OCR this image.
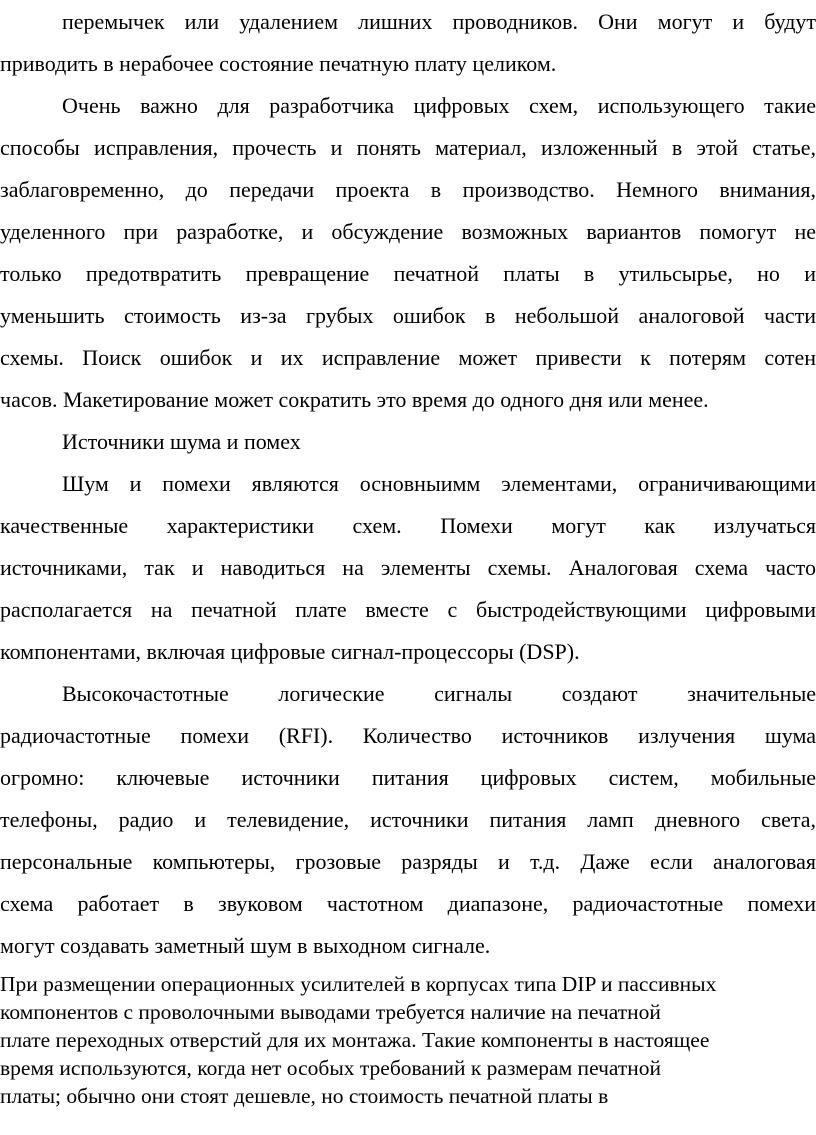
перемычек или удалением лишних проводников. Они могут и будут
приводить в нерабочее состояние печатную плату целиком.
Очень важно для разработчика цифровых схем, использующего такие
способы исправления, прочесть и понять материал, изложенный в этой статье,
заблаговременно, до передачи проекта в производство. Немного внимания,
уделенного при разработке, и обсуждение возможных вариантов помогут не
только предотвратить превращение печатной платы в утильсырье, но и
уменьшить стоимость из-за грубых ошибок в небольшой аналоговой части
схемы. Поиск ошибок и их исправление может привести к потерям сотен
часов. Макетирование может сократить это время до одного дня или менее.
Источники шума и помех
Шум и помехи являются основныимм элементами, ограничивающими
качественные характеристики схем. Помехи могут как излучаться
источниками, так и наводиться на элементы схемы. Аналоговая схема часто
располагается на печатной плате вместе с быстродействующими цифровыми
компонентами, включая цифровые сигнал-процессоры (DSP).
Высокочастотные логические сигналы создают значительные
радиочастотные помехи (RFI). Количество источников излучения шума
огромно: ключевые источники питания цифровых систем, мобильные
телефоны, радио и телевидение, источники питания ламп дневного света,
персональные компьютеры, грозовые разряды и т.д. Даже если аналоговая
схема работает в звуковом частотном диапазоне, радиочастотные помехи
могут создавать заметный шум в выходном сигнале.
При размещении операционных усилителей в корпусах типа DIP и пассивных
компонентов с проволочными выводами требуется наличие на печатной
плате переходных отверстий для их монтажа. Такие компоненты в настоящее
время используются, когда нет особых требований к размерам печатной
платы; обычно они стоят дешевле, но стоимость печатной платы в
